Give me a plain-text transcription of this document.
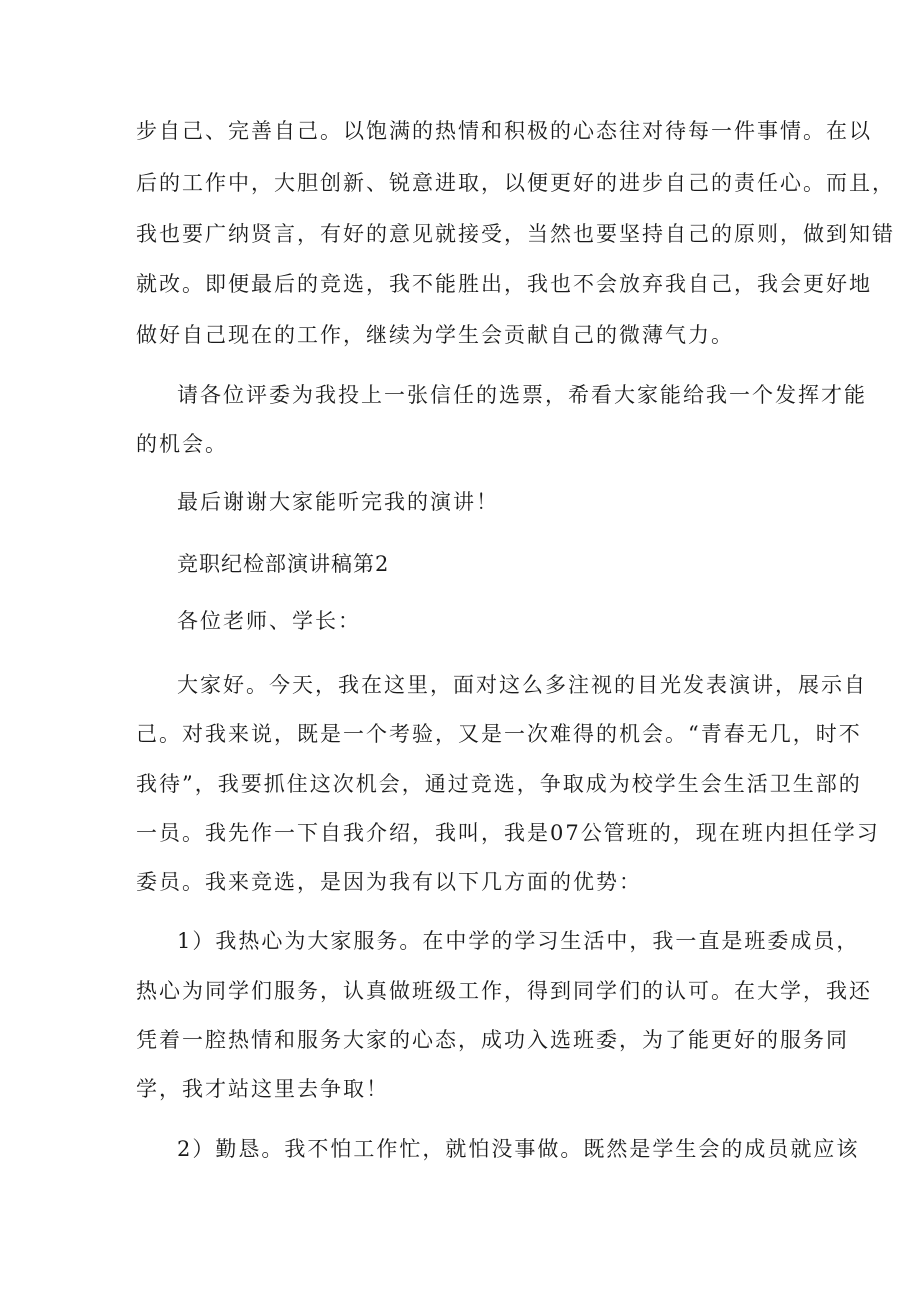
步自己、完善自己。以饱满的热情和积极的心态往对待每一件事情。在以

后的工作中，大胆创新、锐意进取，以便更好的进步自己的责任心。而且，

我也要广纳贤言，有好的意见就接受，当然也要坚持自己的原则，做到知错

就改。即便最后的竞选，我不能胜出，我也不会放弃我自己，我会更好地

做好自己现在的工作，继续为学生会贡献自己的微薄气力。

请各位评委为我投上一张信任的选票，希看大家能给我一个发挥才能

的机会。

最后谢谢大家能听完我的演讲！

竞职纪检部演讲稿第2

各位老师、学长：

大家好。今天，我在这里，面对这么多注视的目光发表演讲，展示自

己。对我来说，既是一个考验，又是一次难得的机会。“青春无几，时不

我待”，我要抓住这次机会，通过竞选，争取成为校学生会生活卫生部的

一员。我先作一下自我介绍，我叫，我是07公管班的，现在班内担任学习

委员。我来竞选，是因为我有以下几方面的优势：

1）我热心为大家服务。在中学的学习生活中，我一直是班委成员，

热心为同学们服务，认真做班级工作，得到同学们的认可。在大学，我还

凭着一腔热情和服务大家的心态，成功入选班委，为了能更好的服务同

学，我才站这里去争取！

2）勤恳。我不怕工作忙，就怕没事做。既然是学生会的成员就应该
